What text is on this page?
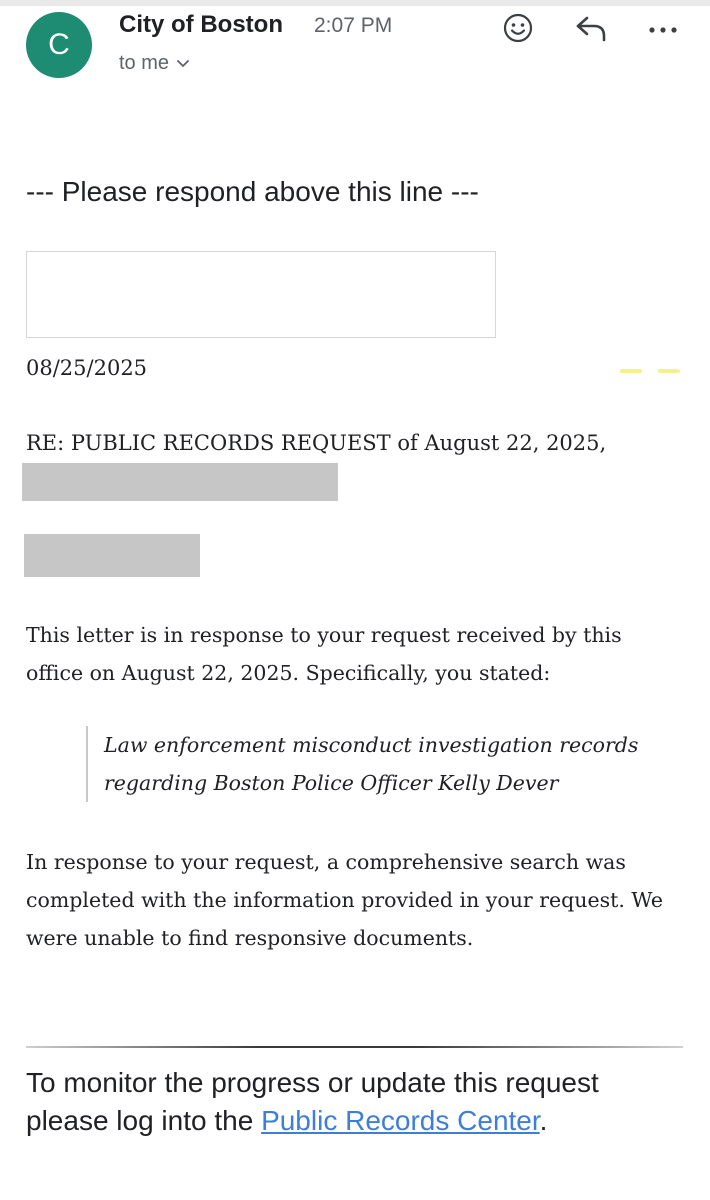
C
City of Boston 2:07 PM
to me
--- Please respond above this line ---
08/25/2025
RE: PUBLIC RECORDS REQUEST of August 22, 2025,

This letter is in response to your request received by this office on August 22, 2025. Specifically, you stated:

Law enforcement misconduct investigation records regarding Boston Police Officer Kelly Dever

In response to your request, a comprehensive search was completed with the information provided in your request. We were unable to find responsive documents.

To monitor the progress or update this request please log into the Public Records Center.
